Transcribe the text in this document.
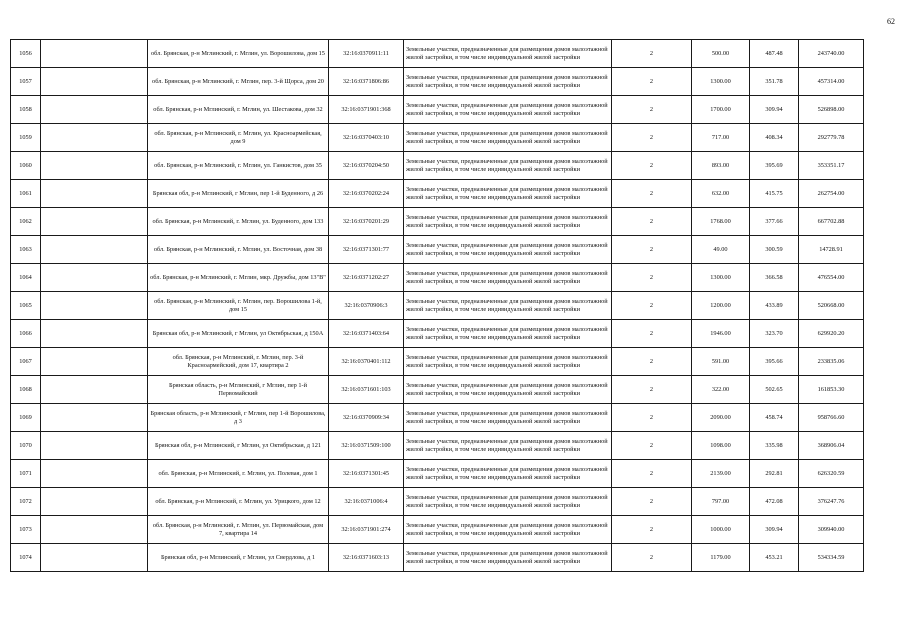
62
1056		обл. Брянская, р-н Мглинский, г. Мглин, ул. Ворошилова, дом 15	32:16:0370911:11	Земельные участки, предназначенные для размещения домов малоэтажной жилой застройки, в том числе индивидуальной жилой застройки	2	500.00	487.48	243740.00
1057		обл. Брянская, р-н Мглинский, г. Мглин, пер. 3-й Щорса, дом 20	32:16:0371806:86	Земельные участки, предназначенные для размещения домов малоэтажной жилой застройки, в том числе индивидуальной жилой застройки	2	1300.00	351.78	457314.00
1058		обл. Брянская, р-н Мглинский, г. Мглин, ул. Шестакова, дом 32	32:16:0371901:368	Земельные участки, предназначенные для размещения домов малоэтажной жилой застройки, в том числе индивидуальной жилой застройки	2	1700.00	309.94	526898.00
1059		обл. Брянская, р-н Мглинский, г. Мглин, ул. Красноармейская, дом 9	32:16:0370403:10	Земельные участки, предназначенные для размещения домов малоэтажной жилой застройки, в том числе индивидуальной жилой застройки	2	717.00	408.34	292779.78
1060		обл. Брянская, р-н Мглинский, г. Мглин, ул. Ганкистов, дом 35	32:16:0370204:50	Земельные участки, предназначенные для размещения домов малоэтажной жилой застройки, в том числе индивидуальной жилой застройки	2	893.00	395.69	353351.17
1061		Брянская обл, р-н Мглинский, г Мглин, пер 1-й Буденного, д 26	32:16:0370202:24	Земельные участки, предназначенные для размещения домов малоэтажной жилой застройки, в том числе индивидуальной жилой застройки	2	632.00	415.75	262754.00
1062		обл. Брянская, р-н Мглинский, г. Мглин, ул. Буденного, дом 133	32:16:0370201:29	Земельные участки, предназначенные для размещения домов малоэтажной жилой застройки, в том числе индивидуальной жилой застройки	2	1768.00	377.66	667702.88
1063		обл. Брянская, р-н Мглинский, г. Мглин, ул. Восточная, дом 38	32:16:0371301:77	Земельные участки, предназначенные для размещения домов малоэтажной жилой застройки, в том числе индивидуальной жилой застройки	2	49.00	300.59	14728.91
1064		обл. Брянская, р-н Мглинский, г. Мглин, мкр. Дружбы, дом 13"В"	32:16:0371202:27	Земельные участки, предназначенные для размещения домов малоэтажной жилой застройки, в том числе индивидуальной жилой застройки	2	1300.00	366.58	476554.00
1065		обл. Брянская, р-н Мглинский, г. Мглин, пер. Ворошилова 1-й, дом 15	32:16:0370906:3	Земельные участки, предназначенные для размещения домов малоэтажной жилой застройки, в том числе индивидуальной жилой застройки	2	1200.00	433.89	520668.00
1066		Брянская обл, р-н Мглинский, г Мглин, ул Октябрьская, д 150А	32:16:0371403:64	Земельные участки, предназначенные для размещения домов малоэтажной жилой застройки, в том числе индивидуальной жилой застройки	2	1946.00	323.70	629920.20
1067		обл. Брянская, р-н Мглинский, г. Мглин, пер. 3-й Красноармейский, дом 17, квартира 2	32:16:0370401:112	Земельные участки, предназначенные для размещения домов малоэтажной жилой застройки, в том числе индивидуальной жилой застройки	2	591.00	395.66	233835.06
1068		Брянская область, р-н Мглинский, г Мглин, пер 1-й Первомайский	32:16:0371601:103	Земельные участки, предназначенные для размещения домов малоэтажной жилой застройки, в том числе индивидуальной жилой застройки	2	322.00	502.65	161853.30
1069		Брянская область, р-н Мглинский, г Мглин, пер 1-й Ворошилова, д 3	32:16:0370909:34	Земельные участки, предназначенные для размещения домов малоэтажной жилой застройки, в том числе индивидуальной жилой застройки	2	2090.00	458.74	958766.60
1070		Брянская обл, р-н Мглинский, г Мглин, ул Октябрьская, д 121	32:16:0371509:100	Земельные участки, предназначенные для размещения домов малоэтажной жилой застройки, в том числе индивидуальной жилой застройки	2	1098.00	335.98	368906.04
1071		обл. Брянская, р-н Мглинский, г. Мглин, ул. Полевая, дом 1	32:16:0371301:45	Земельные участки, предназначенные для размещения домов малоэтажной жилой застройки, в том числе индивидуальной жилой застройки	2	2139.00	292.81	626320.59
1072		обл. Брянская, р-н Мглинский, г. Мглин, ул. Урицкого, дом 12	32:16:0371006:4	Земельные участки, предназначенные для размещения домов малоэтажной жилой застройки, в том числе индивидуальной жилой застройки	2	797.00	472.08	376247.76
1073		обл. Брянская, р-н Мглинский, г. Мглин, ул. Первомайская, дом 7, квартира 14	32:16:0371901:274	Земельные участки, предназначенные для размещения домов малоэтажной жилой застройки, в том числе индивидуальной жилой застройки	2	1000.00	309.94	309940.00
1074		Брянская обл, р-н Мглинский, г Мглин, ул Свердлова, д 1	32:16:0371603:13	Земельные участки, предназначенные для размещения домов малоэтажной жилой застройки, в том числе индивидуальной жилой застройки	2	1179.00	453.21	534334.59
